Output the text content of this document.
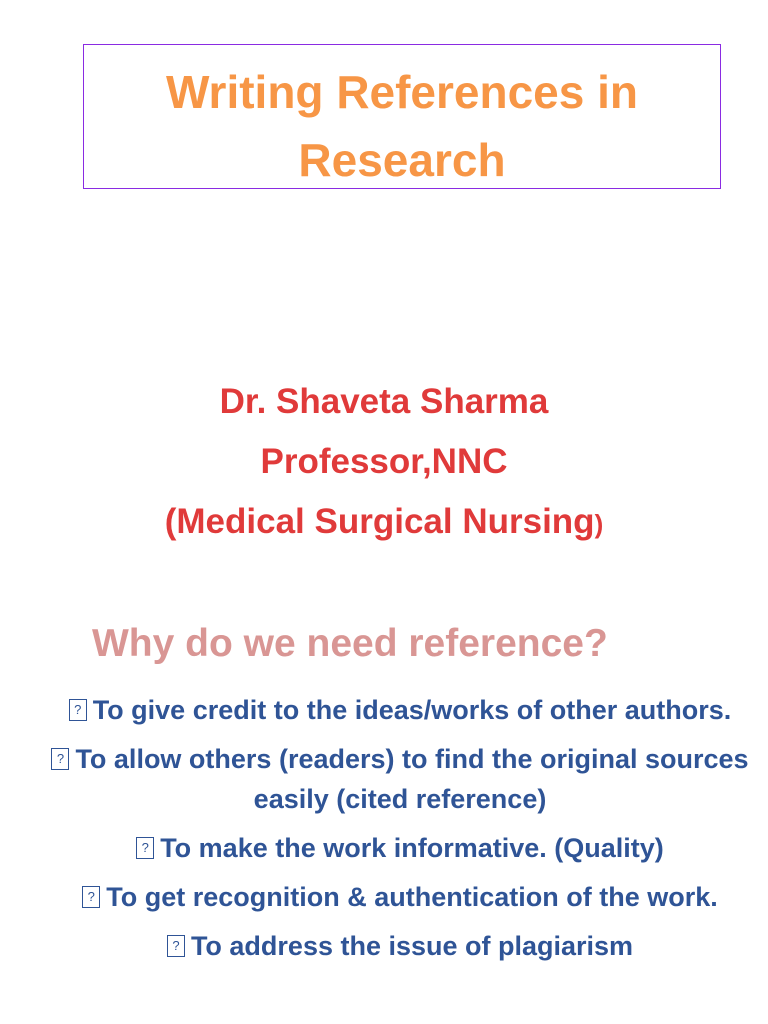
Writing References in
Research
Dr. Shaveta Sharma
Professor,NNC
(Medical Surgical Nursing)
Why do we need reference?
?To give credit to the ideas/works of other authors.
?To allow others (readers) to find the original sources easily (cited reference)
?To make the work informative. (Quality)
?To get recognition & authentication of the work.
?To address the issue of plagiarism
